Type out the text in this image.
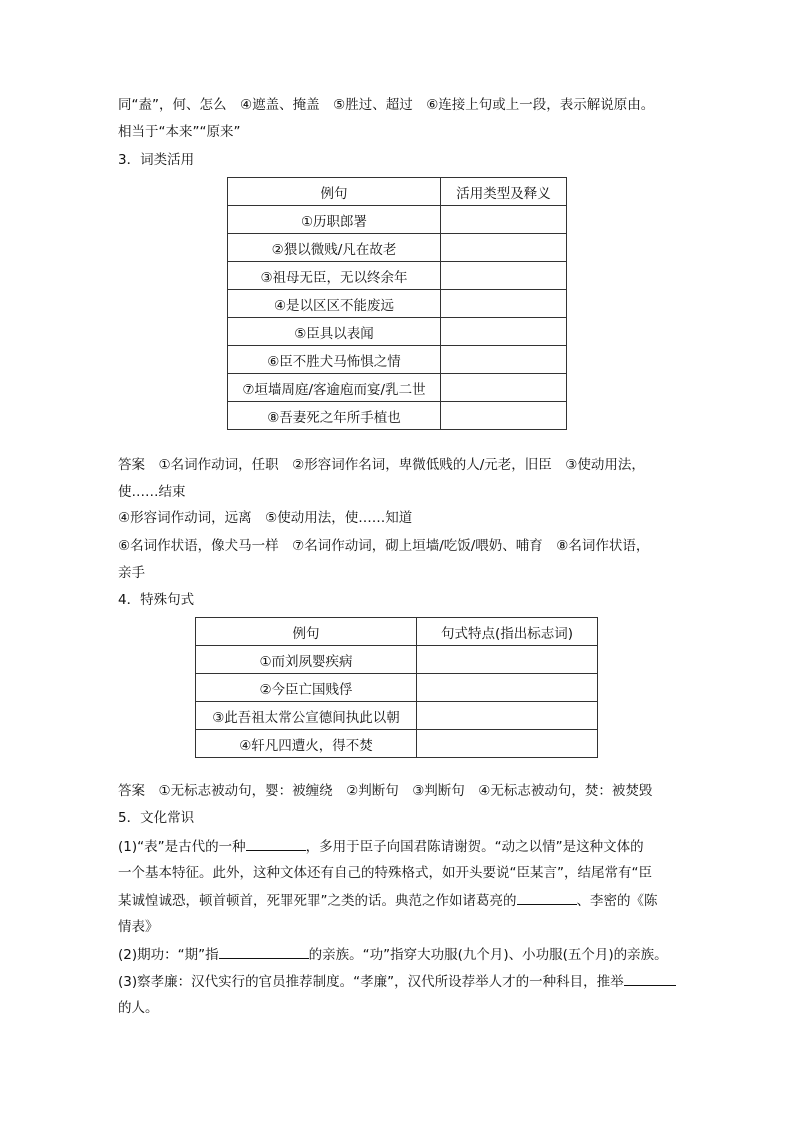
同“盍”，何、怎么　④遮盖、掩盖　⑤胜过、超过　⑥连接上句或上一段，表示解说原由。
相当于“本来”“原来”
3．词类活用
例句	活用类型及释义
①历职郎署	
②猥以微贱/凡在故老	
③祖母无臣，无以终余年	
④是以区区不能废远	
⑤臣具以表闻	
⑥臣不胜犬马怖惧之情	
⑦垣墙周庭/客逾庖而宴/乳二世	
⑧吾妻死之年所手植也	
答案　①名词作动词，任职　②形容词作名词，卑微低贱的人/元老，旧臣　③使动用法，
使……结束
④形容词作动词，远离　⑤使动用法，使……知道
⑥名词作状语，像犬马一样　⑦名词作动词，砌上垣墙/吃饭/喂奶、哺育　⑧名词作状语，
亲手
4．特殊句式
例句	句式特点(指出标志词)
①而刘夙婴疾病	
②今臣亡国贱俘	
③此吾祖太常公宣德间执此以朝	
④轩凡四遭火，得不焚	
答案　①无标志被动句，婴：被缠绕　②判断句　③判断句　④无标志被动句，焚：被焚毁
5．文化常识
(1)“表”是古代的一种	，多用于臣子向国君陈请谢贺。“动之以情”是这种文体的
一个基本特征。此外，这种文体还有自己的特殊格式，如开头要说“臣某言”，结尾常有“臣
某诚惶诚恐，顿首顿首，死罪死罪”之类的话。典范之作如诸葛亮的	、李密的《陈
情表》
(2)期功：“期”指	的亲族。“功”指穿大功服(九个月)、小功服(五个月)的亲族。
(3)察孝廉：汉代实行的官员推荐制度。“孝廉”，汉代所设荐举人才的一种科目，推举
的人。
